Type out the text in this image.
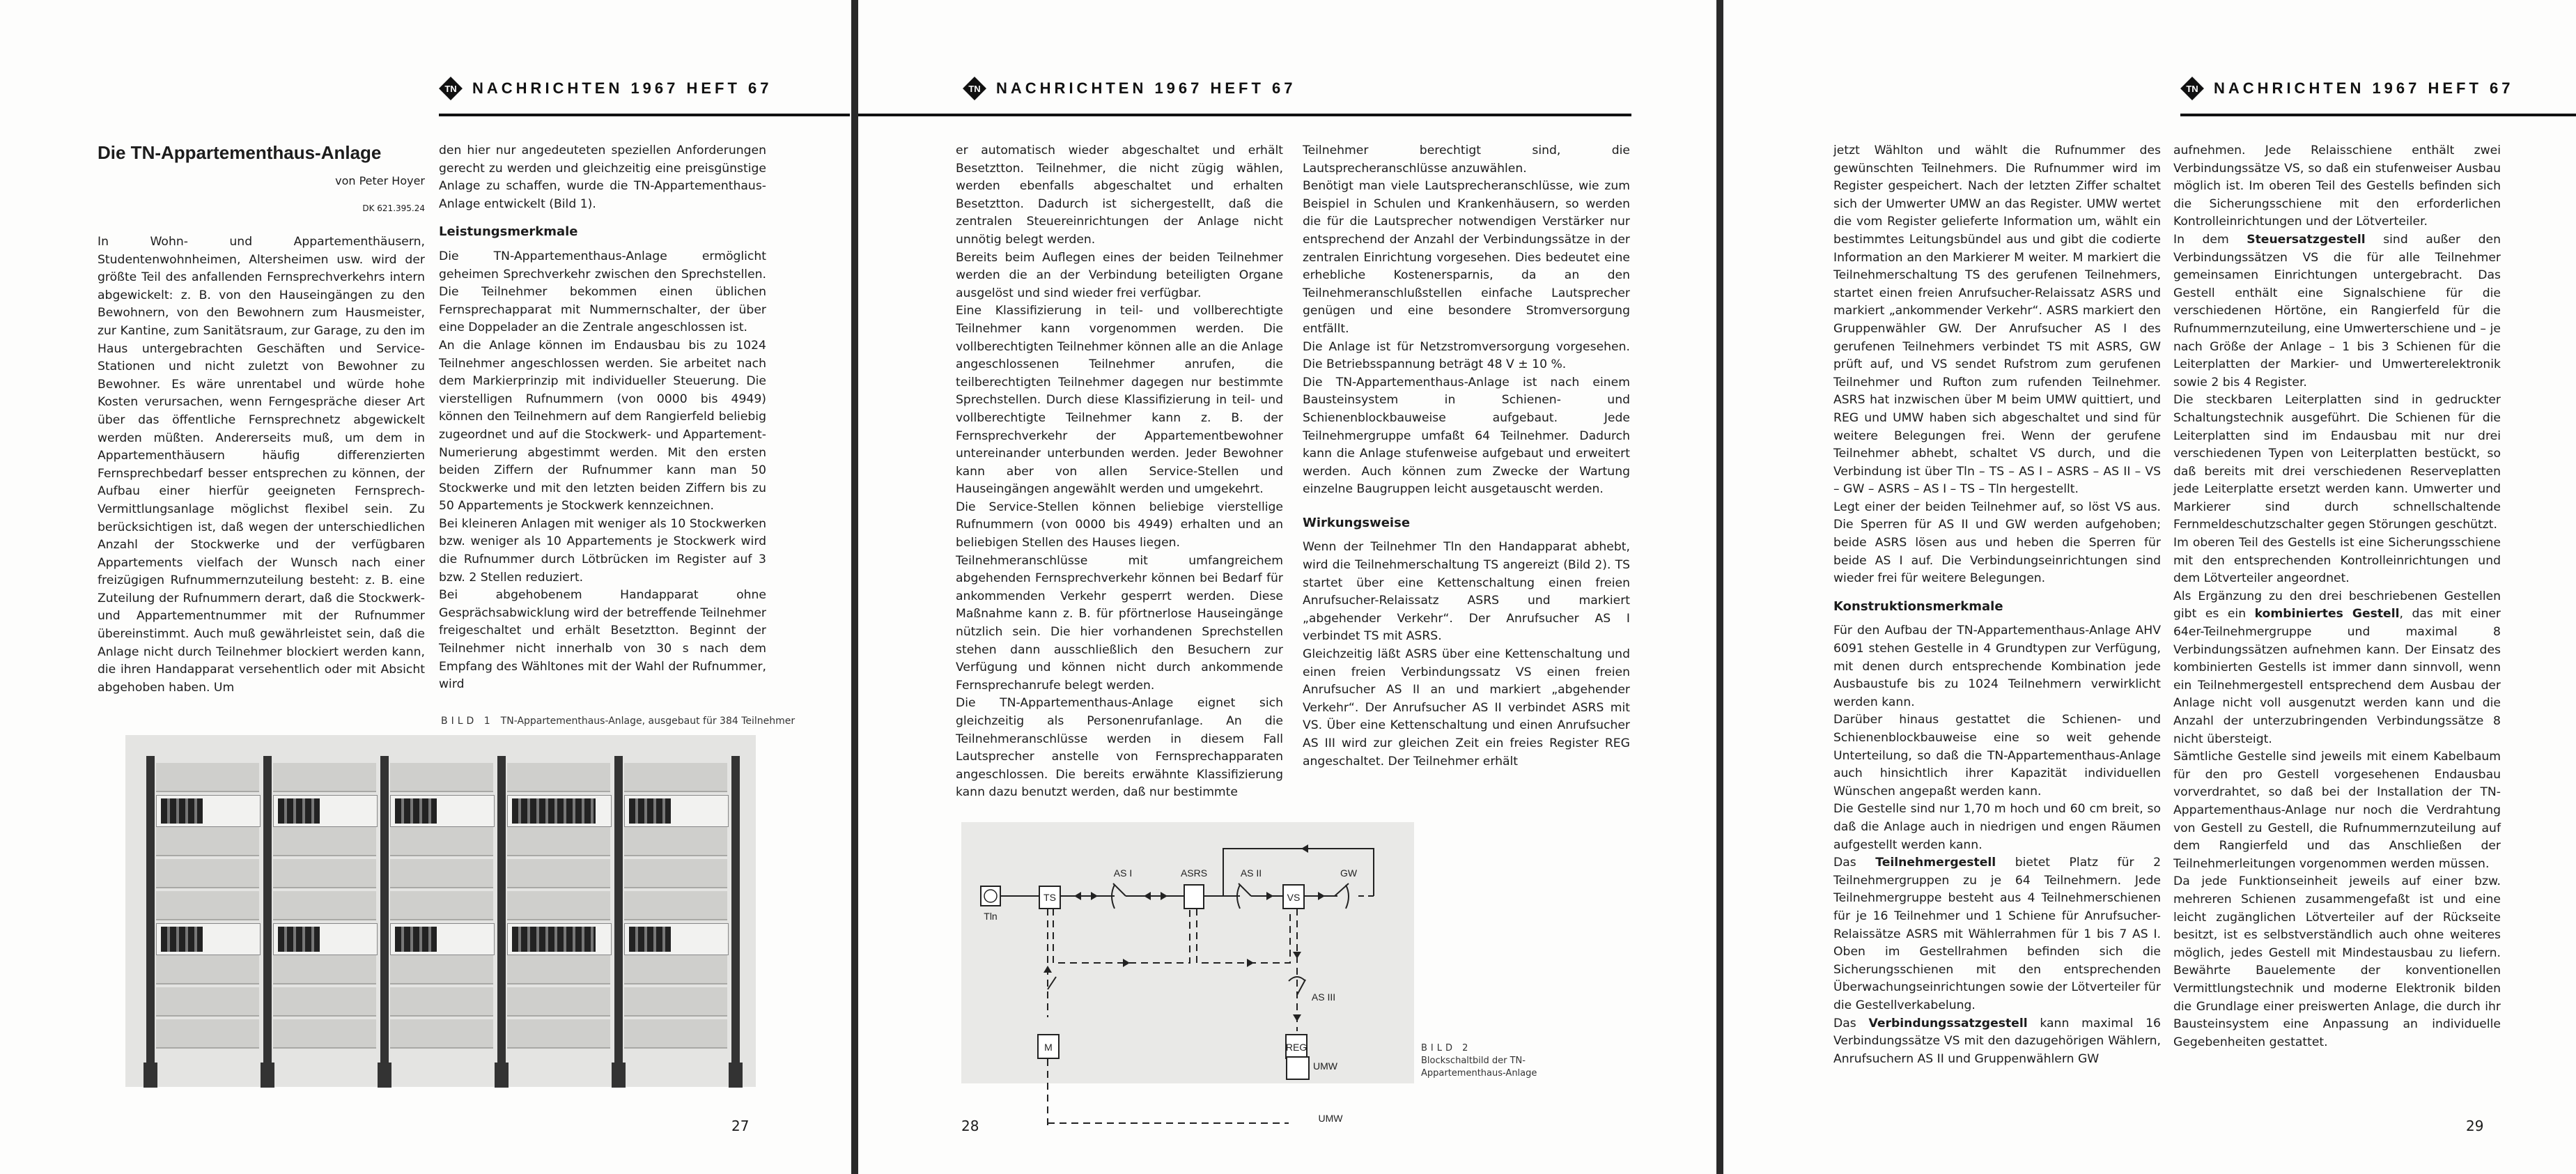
TN	NACHRICHTEN 1967 HEFT 67
Die TN-Appartementhaus-Anlage
von Peter Hoyer
DK 621.395.24

In Wohn- und Appartementhäusern, Studentenwohnheimen, Altersheimen usw. wird der größte Teil des anfallenden Fernsprechverkehrs intern abgewickelt: z. B. von den Hauseingängen zu den Bewohnern, von den Bewohnern zum Hausmeister, zur Kantine, zum Sanitätsraum, zur Garage, zu den im Haus untergebrachten Geschäften und Service-Stationen und nicht zuletzt von Bewohner zu Bewohner. Es wäre unrentabel und würde hohe Kosten verursachen, wenn Ferngespräche dieser Art über das öffentliche Fernsprechnetz abgewickelt werden müßten. Andererseits muß, um dem in Appartementhäusern häufig differenzierten Fernsprechbedarf besser entsprechen zu können, der Aufbau einer hierfür geeigneten Fernsprech-Vermittlungsanlage möglichst flexibel sein. Zu berücksichtigen ist, daß wegen der unterschiedlichen Anzahl der Stockwerke und der verfügbaren Appartements vielfach der Wunsch nach einer freizügigen Rufnummernzuteilung besteht: z. B. eine Zuteilung der Rufnummern derart, daß die Stockwerk- und Appartementnummer mit der Rufnummer übereinstimmt. Auch muß gewährleistet sein, daß die Anlage nicht durch Teilnehmer blockiert werden kann, die ihren Handapparat versehentlich oder mit Absicht abgehoben haben. Um

den hier nur angedeuteten speziellen Anforderungen gerecht zu werden und gleichzeitig eine preisgünstige Anlage zu schaffen, wurde die TN-Appartementhaus-Anlage entwickelt (Bild 1).

Leistungsmerkmale

Die TN-Appartementhaus-Anlage ermöglicht geheimen Sprechverkehr zwischen den Sprechstellen. Die Teilnehmer bekommen einen üblichen Fernsprechapparat mit Nummernschalter, der über eine Doppelader an die Zentrale angeschlossen ist.

An die Anlage können im Endausbau bis zu 1024 Teilnehmer angeschlossen werden. Sie arbeitet nach dem Markierprinzip mit individueller Steuerung. Die vierstelligen Rufnummern (von 0000 bis 4949) können den Teilnehmern auf dem Rangierfeld beliebig zugeordnet und auf die Stockwerk- und Appartement-Numerierung abgestimmt werden. Mit den ersten beiden Ziffern der Rufnummer kann man 50 Stockwerke und mit den letzten beiden Ziffern bis zu 50 Appartements je Stockwerk kennzeichnen.

Bei kleineren Anlagen mit weniger als 10 Stockwerken bzw. weniger als 10 Appartements je Stockwerk wird die Rufnummer durch Lötbrücken im Register auf 3 bzw. 2 Stellen reduziert.

Bei abgehobenem Handapparat ohne Gesprächsabwicklung wird der betreffende Teilnehmer freigeschaltet und erhält Besetztton. Beginnt der Teilnehmer nicht innerhalb von 30 s nach dem Empfang des Wähltones mit der Wahl der Rufnummer, wird

BILD 1 TN-Appartementhaus-Anlage, ausgebaut für 384 Teilnehmer
27
TN	NACHRICHTEN 1967 HEFT 67

er automatisch wieder abgeschaltet und erhält Besetztton. Teilnehmer, die nicht zügig wählen, werden ebenfalls abgeschaltet und erhalten Besetztton. Dadurch ist sichergestellt, daß die zentralen Steuereinrichtungen der Anlage nicht unnötig belegt werden.

Bereits beim Auflegen eines der beiden Teilnehmer werden die an der Verbindung beteiligten Organe ausgelöst und sind wieder frei verfügbar.

Eine Klassifizierung in teil- und vollberechtigte Teilnehmer kann vorgenommen werden. Die vollberechtigten Teilnehmer können alle an die Anlage angeschlossenen Teilnehmer anrufen, die teilberechtigten Teilnehmer dagegen nur bestimmte Sprechstellen. Durch diese Klassifizierung in teil- und vollberechtigte Teilnehmer kann z. B. der Fernsprechverkehr der Appartementbewohner untereinander unterbunden werden. Jeder Bewohner kann aber von allen Service-Stellen und Hauseingängen angewählt werden und umgekehrt.

Die Service-Stellen können beliebige vierstellige Rufnummern (von 0000 bis 4949) erhalten und an beliebigen Stellen des Hauses liegen.

Teilnehmeranschlüsse mit umfangreichem abgehenden Fernsprechverkehr können bei Bedarf für ankommenden Verkehr gesperrt werden. Diese Maßnahme kann z. B. für pförtnerlose Hauseingänge nützlich sein. Die hier vorhandenen Sprechstellen stehen dann ausschließlich den Besuchern zur Verfügung und können nicht durch ankommende Fernsprechanrufe belegt werden.

Die TN-Appartementhaus-Anlage eignet sich gleichzeitig als Personenrufanlage. An die Teilnehmeranschlüsse werden in diesem Fall Lautsprecher anstelle von Fernsprechapparaten angeschlossen. Die bereits erwähnte Klassifizierung kann dazu benutzt werden, daß nur bestimmte

Teilnehmer berechtigt sind, die Lautsprecheranschlüsse anzuwählen.

Benötigt man viele Lautsprecheranschlüsse, wie zum Beispiel in Schulen und Krankenhäusern, so werden die für die Lautsprecher notwendigen Verstärker nur entsprechend der Anzahl der Verbindungssätze in der zentralen Einrichtung vorgesehen. Dies bedeutet eine erhebliche Kostenersparnis, da an den Teilnehmeranschlußstellen einfache Lautsprecher genügen und eine besondere Stromversorgung entfällt.

Die Anlage ist für Netzstromversorgung vorgesehen. Die Betriebsspannung beträgt 48 V ± 10 %.

Die TN-Appartementhaus-Anlage ist nach einem Bausteinsystem in Schienen- und Schienenblockbauweise aufgebaut. Jede Teilnehmergruppe umfaßt 64 Teilnehmer. Dadurch kann die Anlage stufenweise aufgebaut und erweitert werden. Auch können zum Zwecke der Wartung einzelne Baugruppen leicht ausgetauscht werden.

Wirkungsweise

Wenn der Teilnehmer Tln den Handapparat abhebt, wird die Teilnehmerschaltung TS angereizt (Bild 2). TS startet über eine Kettenschaltung einen freien Anrufsucher-Relaissatz ASRS und markiert „abgehender Verkehr“. Der Anrufsucher AS I verbindet TS mit ASRS.

Gleichzeitig läßt ASRS über eine Kettenschaltung und einen freien Verbindungssatz VS einen freien Anrufsucher AS II an und markiert „abgehender Verkehr“. Der Anrufsucher AS II verbindet ASRS mit VS. Über eine Kettenschaltung und einen Anrufsucher AS III wird zur gleichen Zeit ein freies Register REG angeschaltet. Der Teilnehmer erhält

Tln
TS
AS I	ASRS	AS II
VS
GW
AS III
REG
M
UMW
UMW
BILD 2
Blockschaltbild der TN-Appartementhaus-Anlage
28
TN	NACHRICHTEN 1967 HEFT 67

jetzt Wählton und wählt die Rufnummer des gewünschten Teilnehmers. Die Rufnummer wird im Register gespeichert. Nach der letzten Ziffer schaltet sich der Umwerter UMW an das Register. UMW wertet die vom Register gelieferte Information um, wählt ein bestimmtes Leitungsbündel aus und gibt die codierte Information an den Markierer M weiter. M markiert die Teilnehmerschaltung TS des gerufenen Teilnehmers, startet einen freien Anrufsucher-Relaissatz ASRS und markiert „ankommender Verkehr“. ASRS markiert den Gruppenwähler GW. Der Anrufsucher AS I des gerufenen Teilnehmers verbindet TS mit ASRS, GW prüft auf, und VS sendet Rufstrom zum gerufenen Teilnehmer und Rufton zum rufenden Teilnehmer. ASRS hat inzwischen über M beim UMW quittiert, und REG und UMW haben sich abgeschaltet und sind für weitere Belegungen frei. Wenn der gerufene Teilnehmer abhebt, schaltet VS durch, und die Verbindung ist über Tln – TS – AS I – ASRS – AS II – VS – GW – ASRS – AS I – TS – Tln hergestellt.

Legt einer der beiden Teilnehmer auf, so löst VS aus. Die Sperren für AS II und GW werden aufgehoben; beide ASRS lösen aus und heben die Sperren für beide AS I auf. Die Verbindungseinrichtungen sind wieder frei für weitere Belegungen.

Konstruktionsmerkmale

Für den Aufbau der TN-Appartementhaus-Anlage AHV 6091 stehen Gestelle in 4 Grundtypen zur Verfügung, mit denen durch entsprechende Kombination jede Ausbaustufe bis zu 1024 Teilnehmern verwirklicht werden kann.

Darüber hinaus gestattet die Schienen- und Schienenblockbauweise eine so weit gehende Unterteilung, so daß die TN-Appartementhaus-Anlage auch hinsichtlich ihrer Kapazität individuellen Wünschen angepaßt werden kann.

Die Gestelle sind nur 1,70 m hoch und 60 cm breit, so daß die Anlage auch in niedrigen und engen Räumen aufgestellt werden kann.

Das Teilnehmergestell bietet Platz für 2 Teilnehmergruppen zu je 64 Teilnehmern. Jede Teilnehmergruppe besteht aus 4 Teilnehmerschienen für je 16 Teilnehmer und 1 Schiene für Anrufsucher-Relaissätze ASRS mit Wählerrahmen für 1 bis 7 AS I. Oben im Gestellrahmen befinden sich die Sicherungsschienen mit den entsprechenden Überwachungseinrichtungen sowie der Lötverteiler für die Gestellverkabelung.

Das Verbindungssatzgestell kann maximal 16 Verbindungssätze VS mit den dazugehörigen Wählern, Anrufsuchern AS II und Gruppenwählern GW

aufnehmen. Jede Relaisschiene enthält zwei Verbindungssätze VS, so daß ein stufenweiser Ausbau möglich ist. Im oberen Teil des Gestells befinden sich die Sicherungsschiene mit den erforderlichen Kontrolleinrichtungen und der Lötverteiler.

In dem Steuersatzgestell sind außer den Verbindungssätzen VS die für alle Teilnehmer gemeinsamen Einrichtungen untergebracht. Das Gestell enthält eine Signalschiene für die verschiedenen Hörtöne, ein Rangierfeld für die Rufnummernzuteilung, eine Umwerterschiene und – je nach Größe der Anlage – 1 bis 3 Schienen für die Leiterplatten der Markier- und Umwerterelektronik sowie 2 bis 4 Register.

Die steckbaren Leiterplatten sind in gedruckter Schaltungstechnik ausgeführt. Die Schienen für die Leiterplatten sind im Endausbau mit nur drei verschiedenen Typen von Leiterplatten bestückt, so daß bereits mit drei verschiedenen Reserveplatten jede Leiterplatte ersetzt werden kann. Umwerter und Markierer sind durch schnellschaltende Fernmeldeschutzschalter gegen Störungen geschützt.

Im oberen Teil des Gestells ist eine Sicherungsschiene mit den entsprechenden Kontrolleinrichtungen und dem Lötverteiler angeordnet.

Als Ergänzung zu den drei beschriebenen Gestellen gibt es ein kombiniertes Gestell, das mit einer 64er-Teilnehmergruppe und maximal 8 Verbindungssätzen aufnehmen kann. Der Einsatz des kombinierten Gestells ist immer dann sinnvoll, wenn ein Teilnehmergestell entsprechend dem Ausbau der Anlage nicht voll ausgenutzt werden kann und die Anzahl der unterzubringenden Verbindungssätze 8 nicht übersteigt.

Sämtliche Gestelle sind jeweils mit einem Kabelbaum für den pro Gestell vorgesehenen Endausbau vorverdrahtet, so daß bei der Installation der TN-Appartementhaus-Anlage nur noch die Verdrahtung von Gestell zu Gestell, die Rufnummernzuteilung auf dem Rangierfeld und das Anschließen der Teilnehmerleitungen vorgenommen werden müssen.

Da jede Funktionseinheit jeweils auf einer bzw. mehreren Schienen zusammengefaßt ist und eine leicht zugänglichen Lötverteiler auf der Rückseite besitzt, ist es selbstverständlich auch ohne weiteres möglich, jedes Gestell mit Mindestausbau zu liefern. Bewährte Bauelemente der konventionellen Vermittlungstechnik und moderne Elektronik bilden die Grundlage einer preiswerten Anlage, die durch ihr Bausteinsystem eine Anpassung an individuelle Gegebenheiten gestattet.

29
